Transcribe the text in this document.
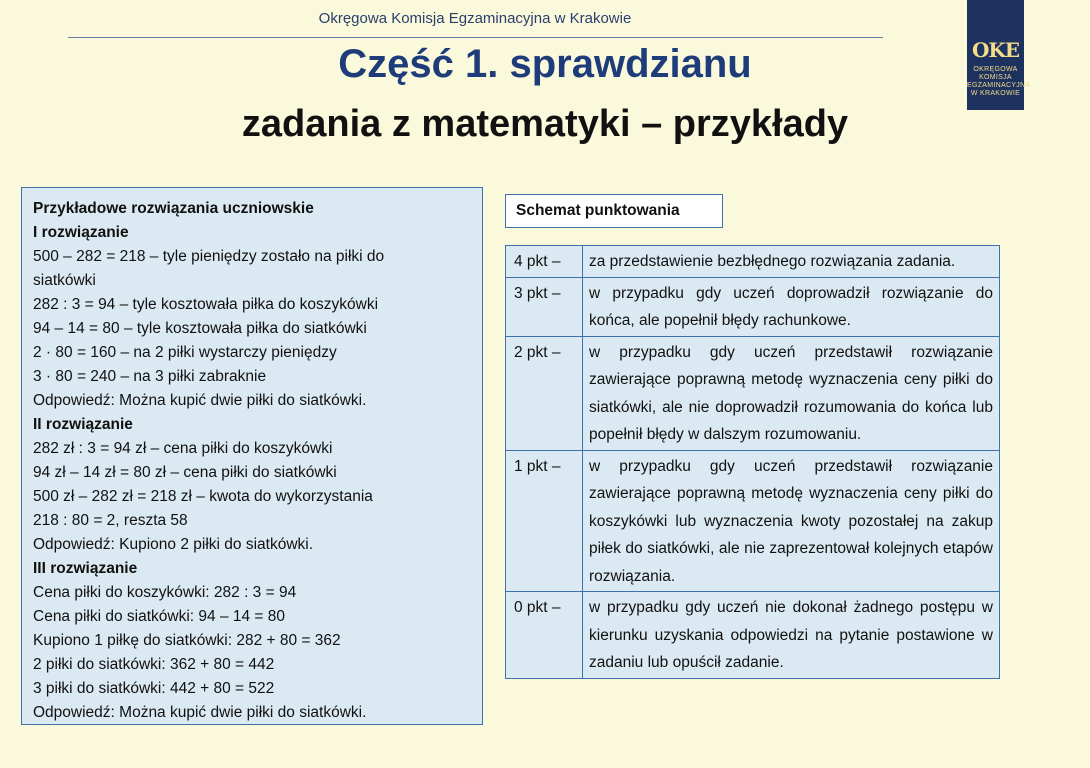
Okręgowa Komisja Egzaminacyjna w Krakowie
OKE
OKRĘGOWA
KOMISJA
EGZAMINACYJNA
W KRAKOWIE
Część 1. sprawdzianu
zadania z matematyki – przykłady
Przykładowe rozwiązania uczniowskie
I rozwiązanie
500 – 282 = 218 – tyle pieniędzy zostało na piłki do
siatkówki
282 : 3 = 94 – tyle kosztowała piłka do koszykówki
94 – 14 = 80 – tyle kosztowała piłka do siatkówki
2 · 80 = 160 – na 2 piłki wystarczy pieniędzy
3 · 80 = 240 – na 3 piłki zabraknie
Odpowiedź: Można kupić dwie piłki do siatkówki.
II rozwiązanie
282 zł : 3 = 94 zł – cena piłki do koszykówki
94 zł – 14 zł = 80 zł – cena piłki do siatkówki
500 zł – 282 zł = 218 zł – kwota do wykorzystania
218 : 80 = 2, reszta 58
Odpowiedź: Kupiono 2 piłki do siatkówki.
III rozwiązanie
Cena piłki do koszykówki: 282 : 3 = 94
Cena piłki do siatkówki: 94 – 14 = 80
Kupiono 1 piłkę do siatkówki: 282 + 80 = 362
2 piłki do siatkówki: 362 + 80 = 442
3 piłki do siatkówki: 442 + 80 = 522
Odpowiedź: Można kupić dwie piłki do siatkówki.
Schemat punktowania
4 pkt –	za przedstawienie bezbłędnego rozwiązania zadania.
3 pkt –	w przypadku gdy uczeń doprowadził rozwiązanie do końca, ale popełnił błędy rachunkowe.
2 pkt –	w przypadku gdy uczeń przedstawił rozwiązanie zawierające poprawną metodę wyznaczenia ceny piłki do siatkówki, ale nie doprowadził rozumowania do końca lub popełnił błędy w dalszym rozumowaniu.
1 pkt –	w przypadku gdy uczeń przedstawił rozwiązanie zawierające poprawną metodę wyznaczenia ceny piłki do koszykówki lub wyznaczenia kwoty pozostałej na zakup piłek do siatkówki, ale nie zaprezentował kolejnych etapów rozwiązania.
0 pkt –	w przypadku gdy uczeń nie dokonał żadnego postępu w kierunku uzyskania odpowiedzi na pytanie postawione w zadaniu lub opuścił zadanie.
